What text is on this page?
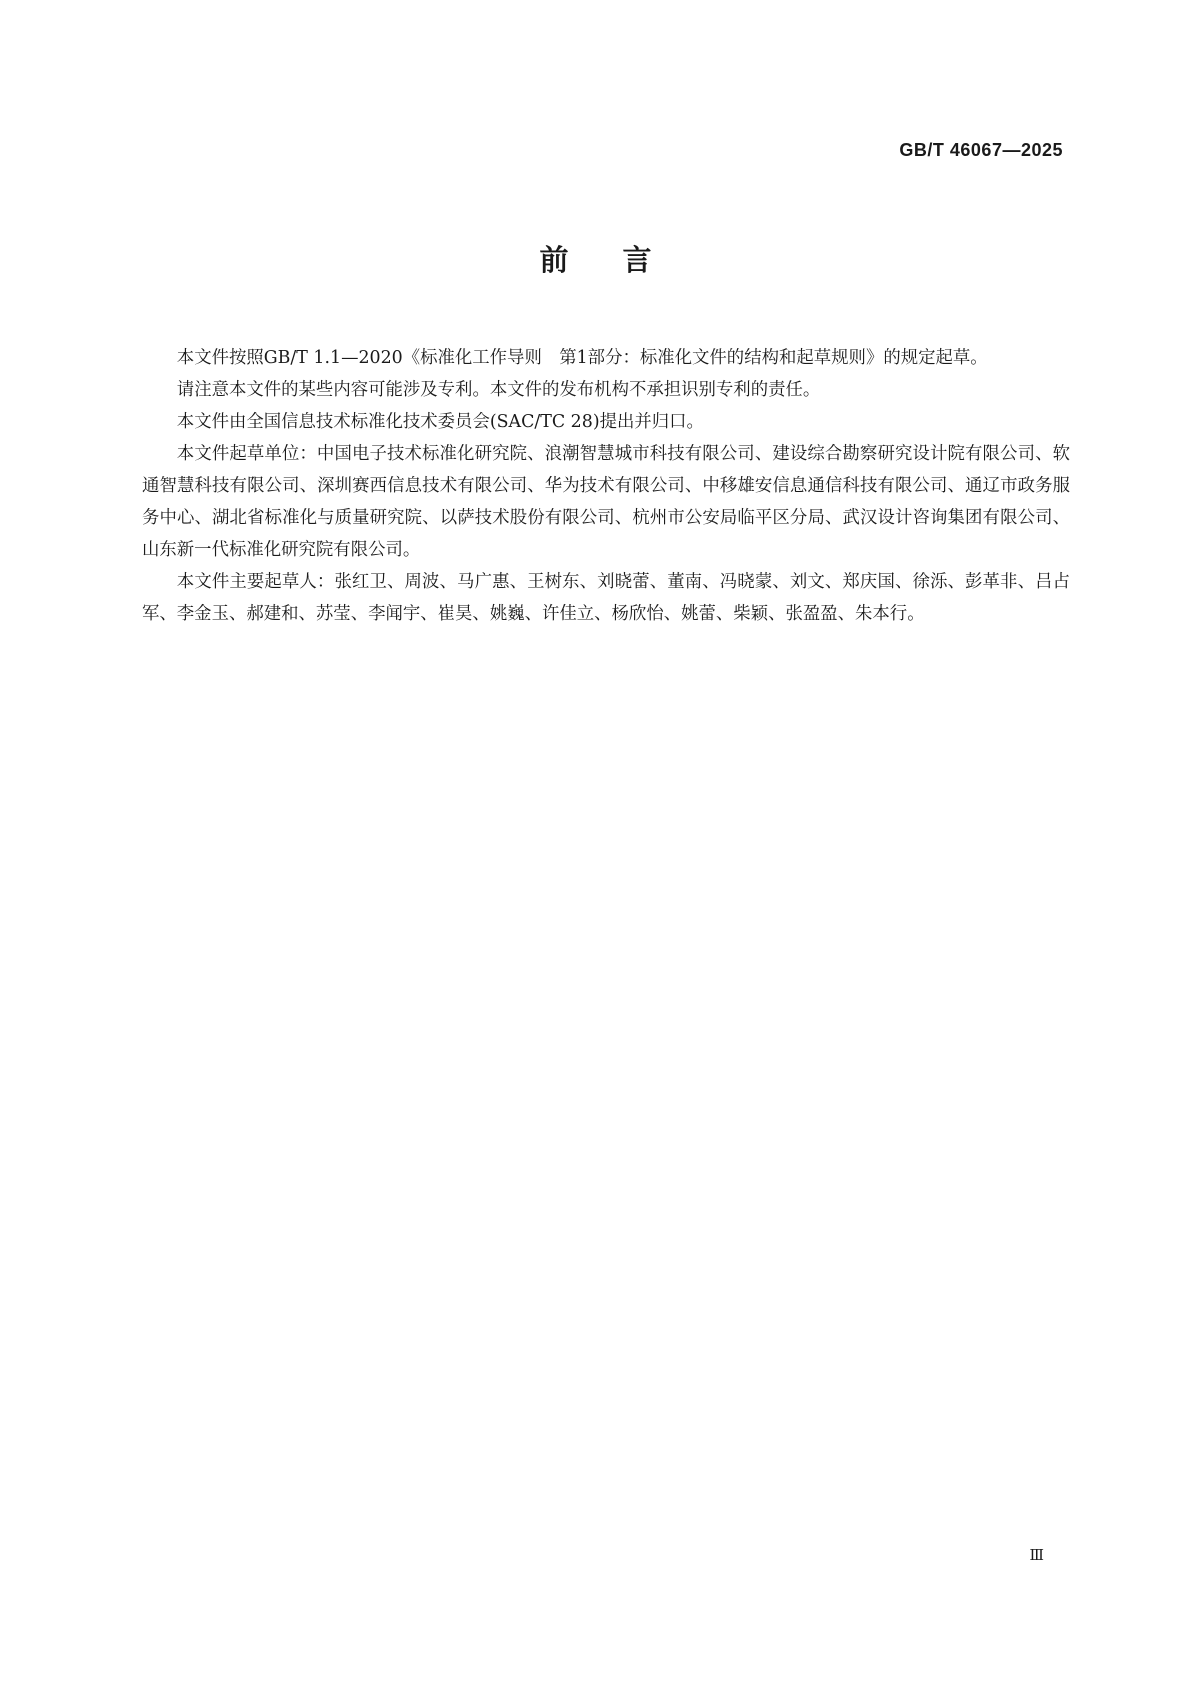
GB/T 46067—2025
前言

本文件按照GB/T 1.1—2020《标准化工作导则　第1部分：标准化文件的结构和起草规则》的规定起草。

请注意本文件的某些内容可能涉及专利。本文件的发布机构不承担识别专利的责任。

本文件由全国信息技术标准化技术委员会(SAC/TC 28)提出并归口。

本文件起草单位：中国电子技术标准化研究院、浪潮智慧城市科技有限公司、建设综合勘察研究设计院有限公司、软通智慧科技有限公司、深圳赛西信息技术有限公司、华为技术有限公司、中移雄安信息通信科技有限公司、通辽市政务服务中心、湖北省标准化与质量研究院、以萨技术股份有限公司、杭州市公安局临平区分局、武汉设计咨询集团有限公司、山东新一代标准化研究院有限公司。

本文件主要起草人：张红卫、周波、马广惠、王树东、刘晓蕾、董南、冯晓蒙、刘文、郑庆国、徐泺、彭革非、吕占军、李金玉、郝建和、苏莹、李闻宇、崔昊、姚巍、许佳立、杨欣怡、姚蕾、柴颖、张盈盈、朱本行。

Ⅲ
